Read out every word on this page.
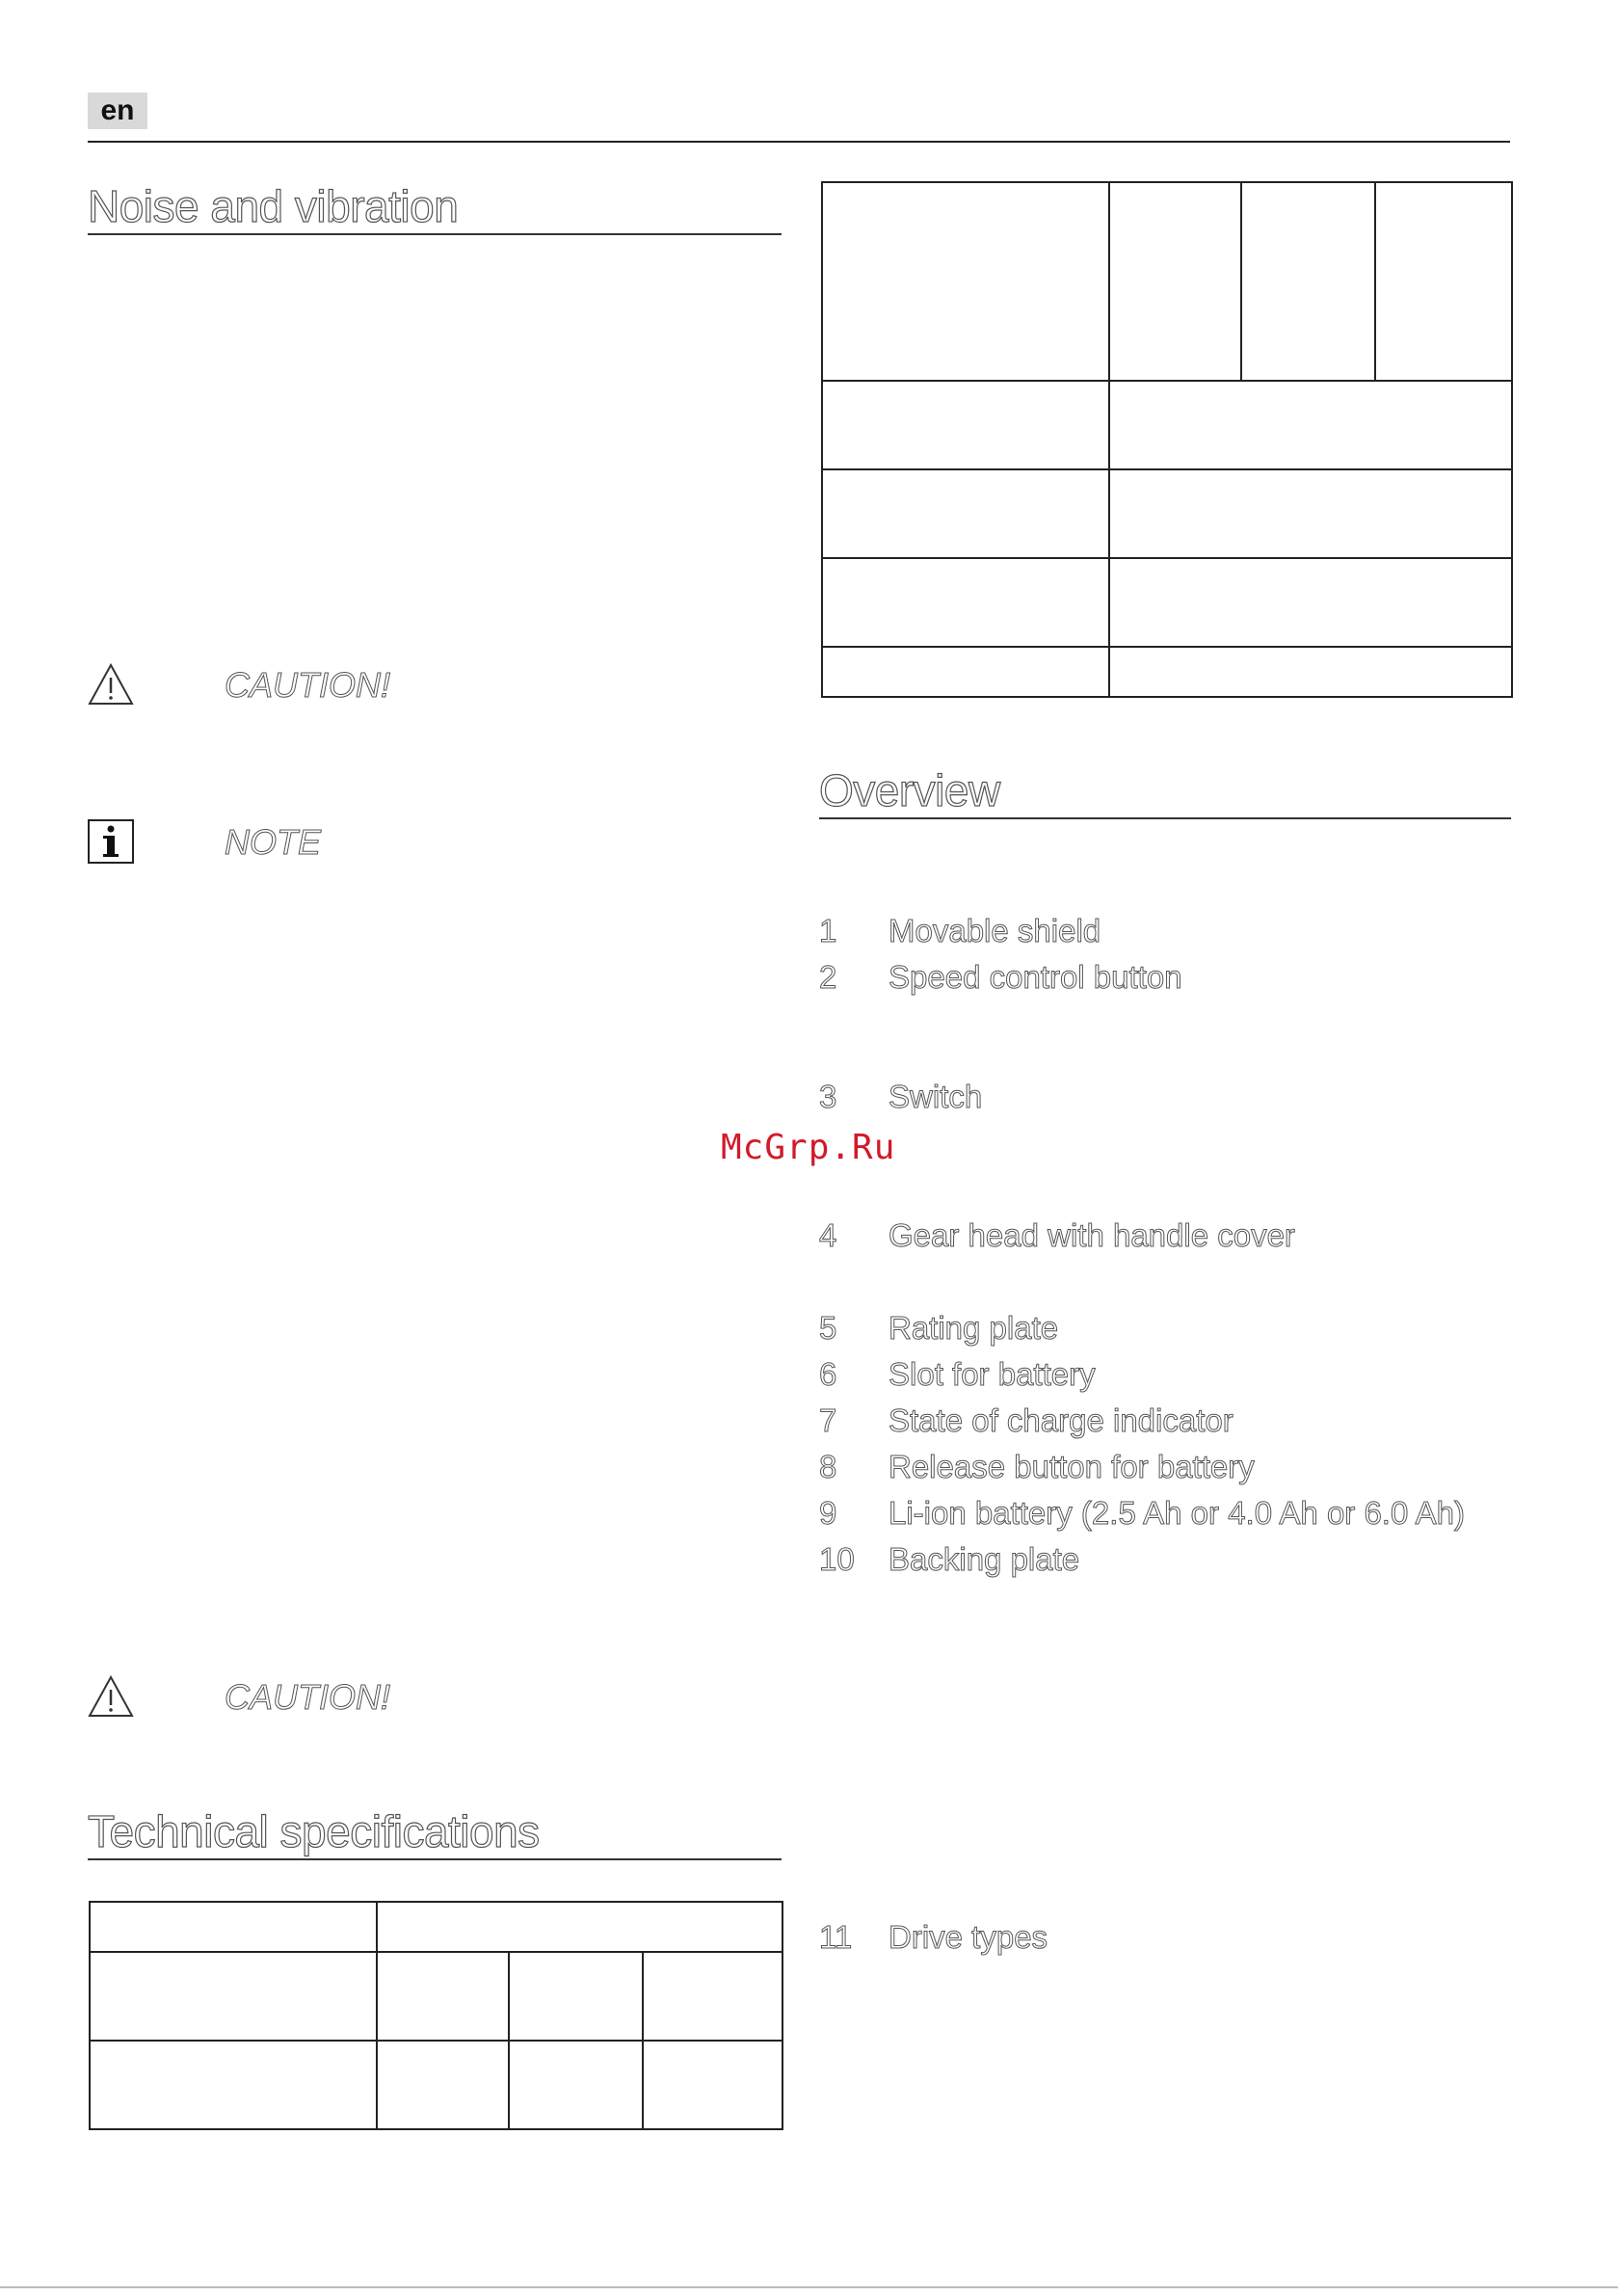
en
Noise and vibration
CAUTION!
NOTE
CAUTION!
Technical specifications

Overview
1 Movable shield
2 Speed control button
3 Switch
4 Gear head with handle cover
5 Rating plate
6 Slot for battery
7 State of charge indicator
8 Release button for battery
9 Li-ion battery (2.5 Ah or 4.0 Ah or 6.0 Ah)
10 Backing plate
11 Drive types
McGrp.Ru
